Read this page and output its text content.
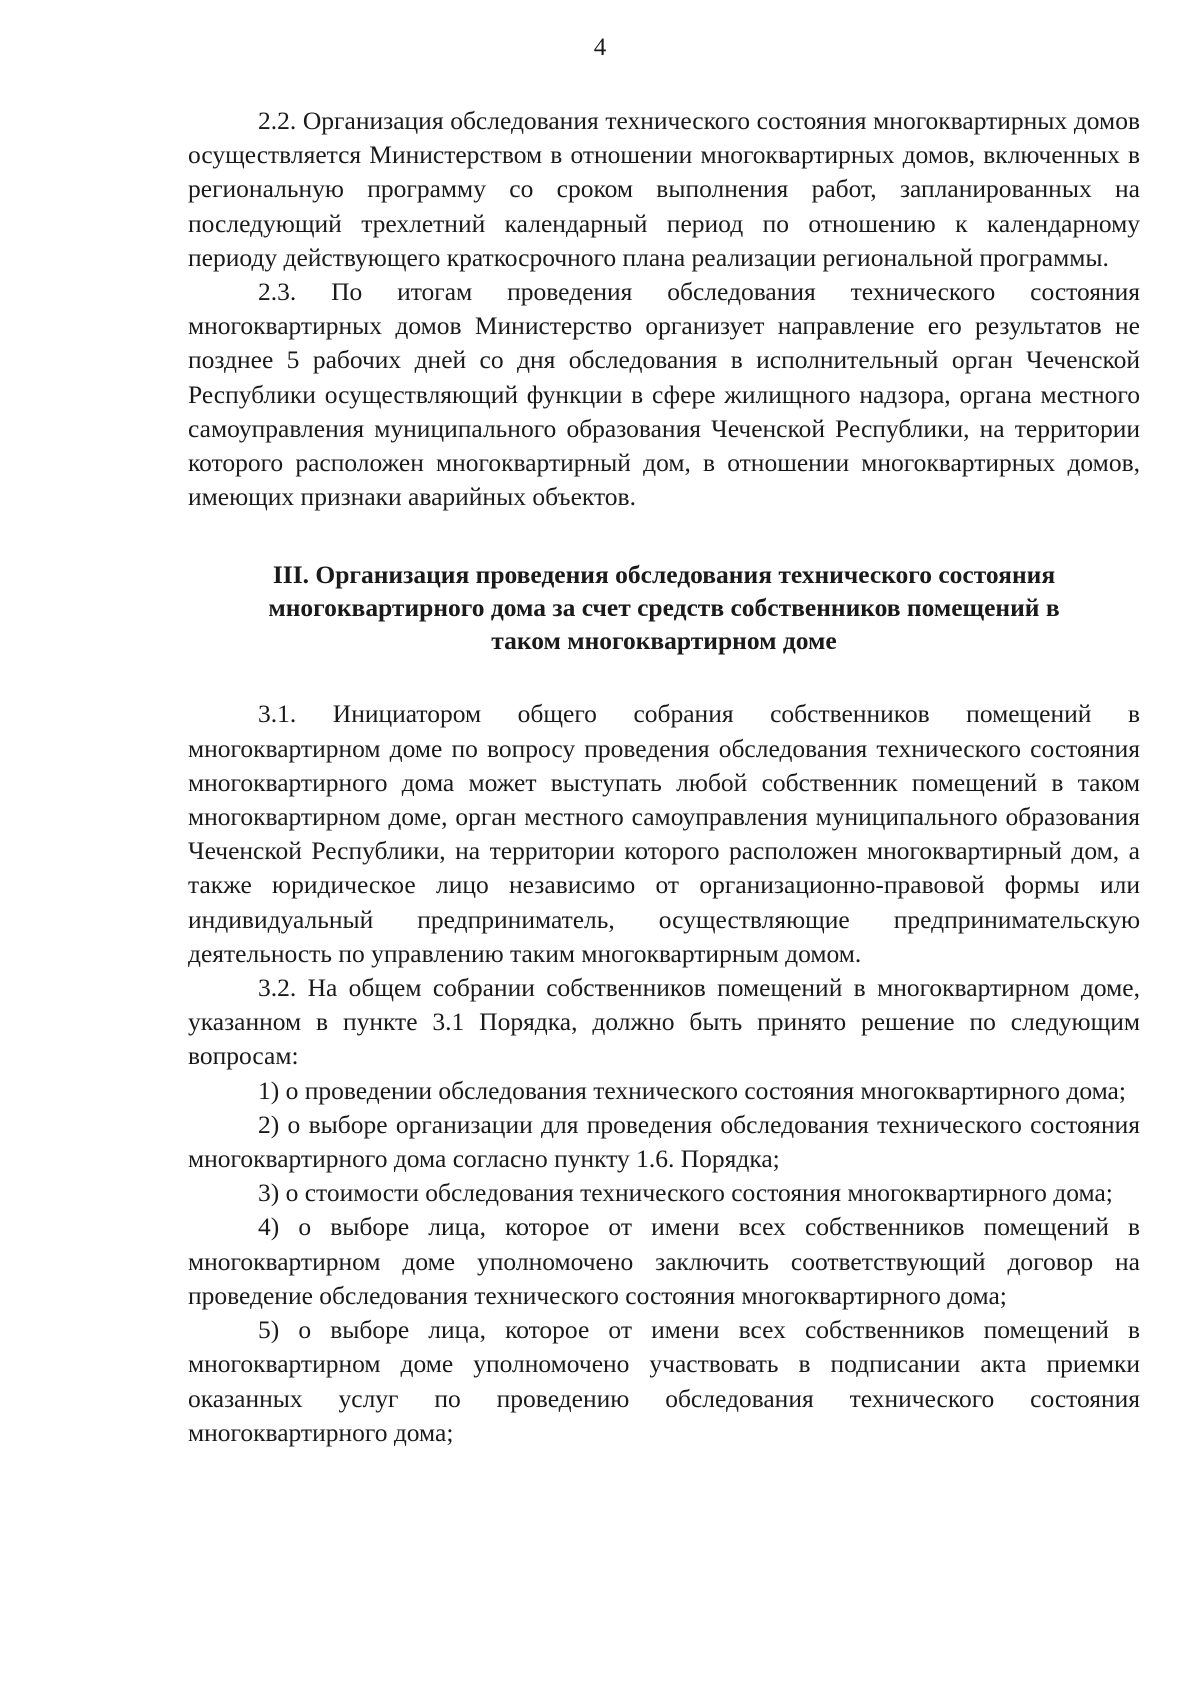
4

2.2. Организация обследования технического состояния многоквартирных домов осуществляется Министерством в отношении многоквартирных домов, включенных в региональную программу со сроком выполнения работ, запланированных на последующий трехлетний календарный период по отношению к календарному периоду действующего краткосрочного плана реализации региональной программы.

2.3. По итогам проведения обследования технического состояния многоквартирных домов Министерство организует направление его результатов не позднее 5 рабочих дней со дня обследования в исполнительный орган Чеченской Республики осуществляющий функции в сфере жилищного надзора, органа местного самоуправления муниципального образования Чеченской Республики, на территории которого расположен многоквартирный дом, в отношении многоквартирных домов, имеющих признаки аварийных объектов.

III. Организация проведения обследования технического состояния
многоквартирного дома за счет средств собственников помещений в
таком многоквартирном доме

3.1. Инициатором общего собрания собственников помещений в многоквартирном доме по вопросу проведения обследования технического состояния многоквартирного дома может выступать любой собственник помещений в таком многоквартирном доме, орган местного самоуправления муниципального образования Чеченской Республики, на территории которого расположен многоквартирный дом, а также юридическое лицо независимо от организационно-правовой формы или индивидуальный предприниматель, осуществляющие предпринимательскую деятельность по управлению таким многоквартирным домом.

3.2. На общем собрании собственников помещений в многоквартирном доме, указанном в пункте 3.1 Порядка, должно быть принято решение по следующим вопросам:

1) о проведении обследования технического состояния многоквартирного дома;

2) о выборе организации для проведения обследования технического состояния многоквартирного дома согласно пункту 1.6. Порядка;

3) о стоимости обследования технического состояния многоквартирного дома;

4) о выборе лица, которое от имени всех собственников помещений в многоквартирном доме уполномочено заключить соответствующий договор на проведение обследования технического состояния многоквартирного дома;

5) о выборе лица, которое от имени всех собственников помещений в многоквартирном доме уполномочено участвовать в подписании акта приемки оказанных услуг по проведению обследования технического состояния многоквартирного дома;
